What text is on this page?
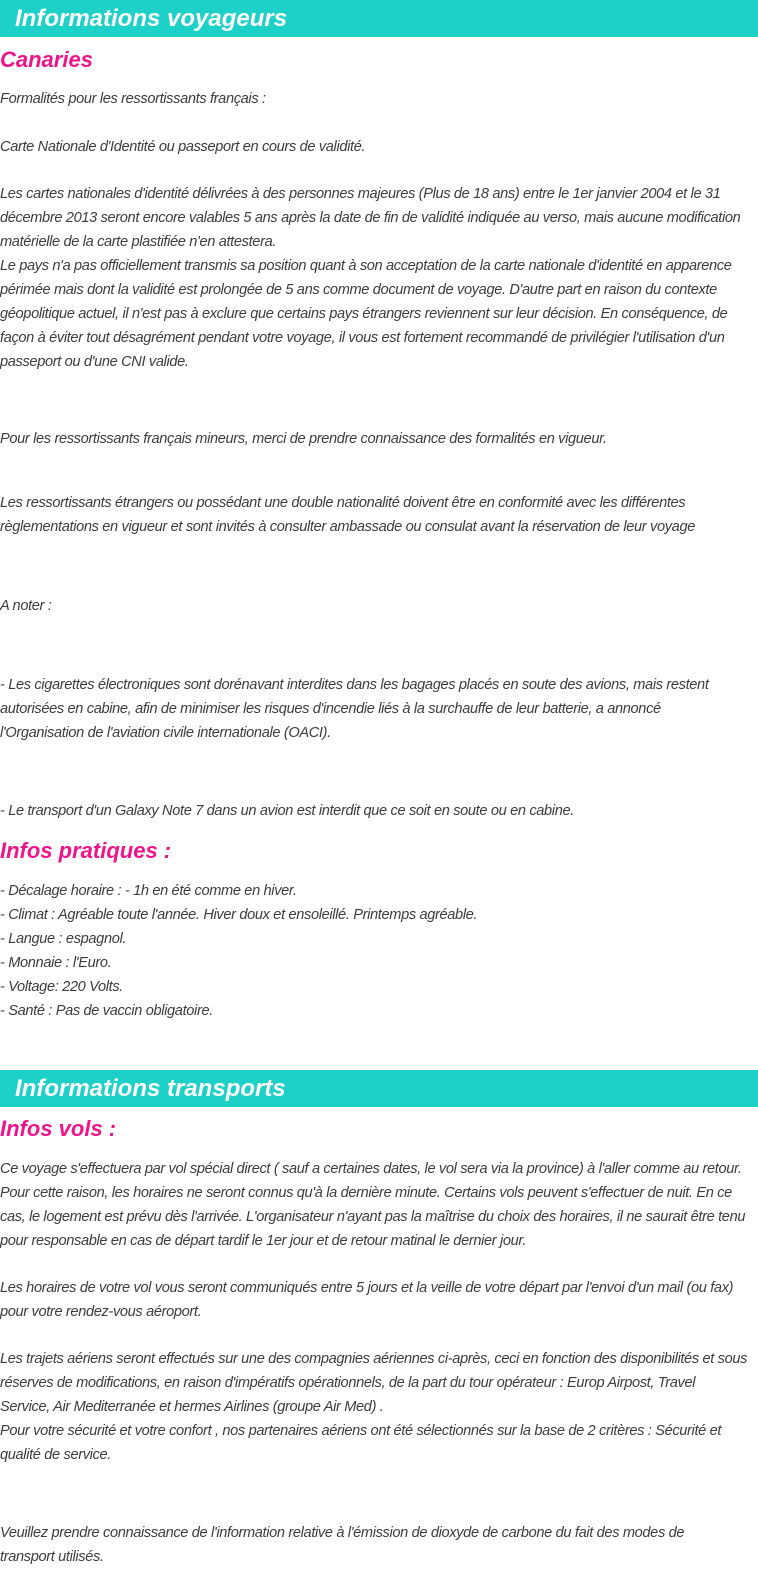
Informations voyageurs
Canaries
Formalités pour les ressortissants français :
Carte Nationale d'Identité ou passeport en cours de validité.
Les cartes nationales d'identité délivrées à des personnes majeures (Plus de 18 ans) entre le 1er janvier 2004 et le 31
décembre 2013 seront encore valables 5 ans après la date de fin de validité indiquée au verso, mais aucune modification
matérielle de la carte plastifiée n'en attestera.
Le pays n'a pas officiellement transmis sa position quant à son acceptation de la carte nationale d'identité en apparence
périmée mais dont la validité est prolongée de 5 ans comme document de voyage. D'autre part en raison du contexte
géopolitique actuel, il n'est pas à exclure que certains pays étrangers reviennent sur leur décision. En conséquence, de
façon à éviter tout désagrément pendant votre voyage, il vous est fortement recommandé de privilégier l'utilisation d'un
passeport ou d'une CNI valide.
Pour les ressortissants français mineurs, merci de prendre connaissance des formalités en vigueur.
Les ressortissants étrangers ou possédant une double nationalité doivent être en conformité avec les différentes
règlementations en vigueur et sont invités à consulter ambassade ou consulat avant la réservation de leur voyage
A noter :
- Les cigarettes électroniques sont dorénavant interdites dans les bagages placés en soute des avions, mais restent
autorisées en cabine, afin de minimiser les risques d'incendie liés à la surchauffe de leur batterie, a annoncé
l'Organisation de l'aviation civile internationale (OACI).
- Le transport d'un Galaxy Note 7 dans un avion est interdit que ce soit en soute ou en cabine.
Infos pratiques :
- Décalage horaire : - 1h en été comme en hiver.
- Climat : Agréable toute l'année. Hiver doux et ensoleillé. Printemps agréable.
- Langue : espagnol.
- Monnaie : l'Euro.
- Voltage: 220 Volts.
- Santé : Pas de vaccin obligatoire.
Informations transports
Infos vols :
Ce voyage s'effectuera par vol spécial direct ( sauf a certaines dates, le vol sera via la province) à l'aller comme au retour.
Pour cette raison, les horaires ne seront connus qu'à la dernière minute. Certains vols peuvent s'effectuer de nuit. En ce
cas, le logement est prévu dès l'arrivée. L'organisateur n'ayant pas la maîtrise du choix des horaires, il ne saurait être tenu
pour responsable en cas de départ tardif le 1er jour et de retour matinal le dernier jour.
Les horaires de votre vol vous seront communiqués entre 5 jours et la veille de votre départ par l'envoi d'un mail (ou fax)
pour votre rendez-vous aéroport.
Les trajets aériens seront effectués sur une des compagnies aériennes ci-après, ceci en fonction des disponibilités et sous
réserves de modifications, en raison d'impératifs opérationnels, de la part du tour opérateur : Europ Airpost, Travel
Service, Air Mediterranée et hermes Airlines (groupe Air Med) .
Pour votre sécurité et votre confort , nos partenaires aériens ont été sélectionnés sur la base de 2 critères : Sécurité et
qualité de service.
Veuillez prendre connaissance de l'information relative à l'émission de dioxyde de carbone du fait des modes de
transport utilisés.
